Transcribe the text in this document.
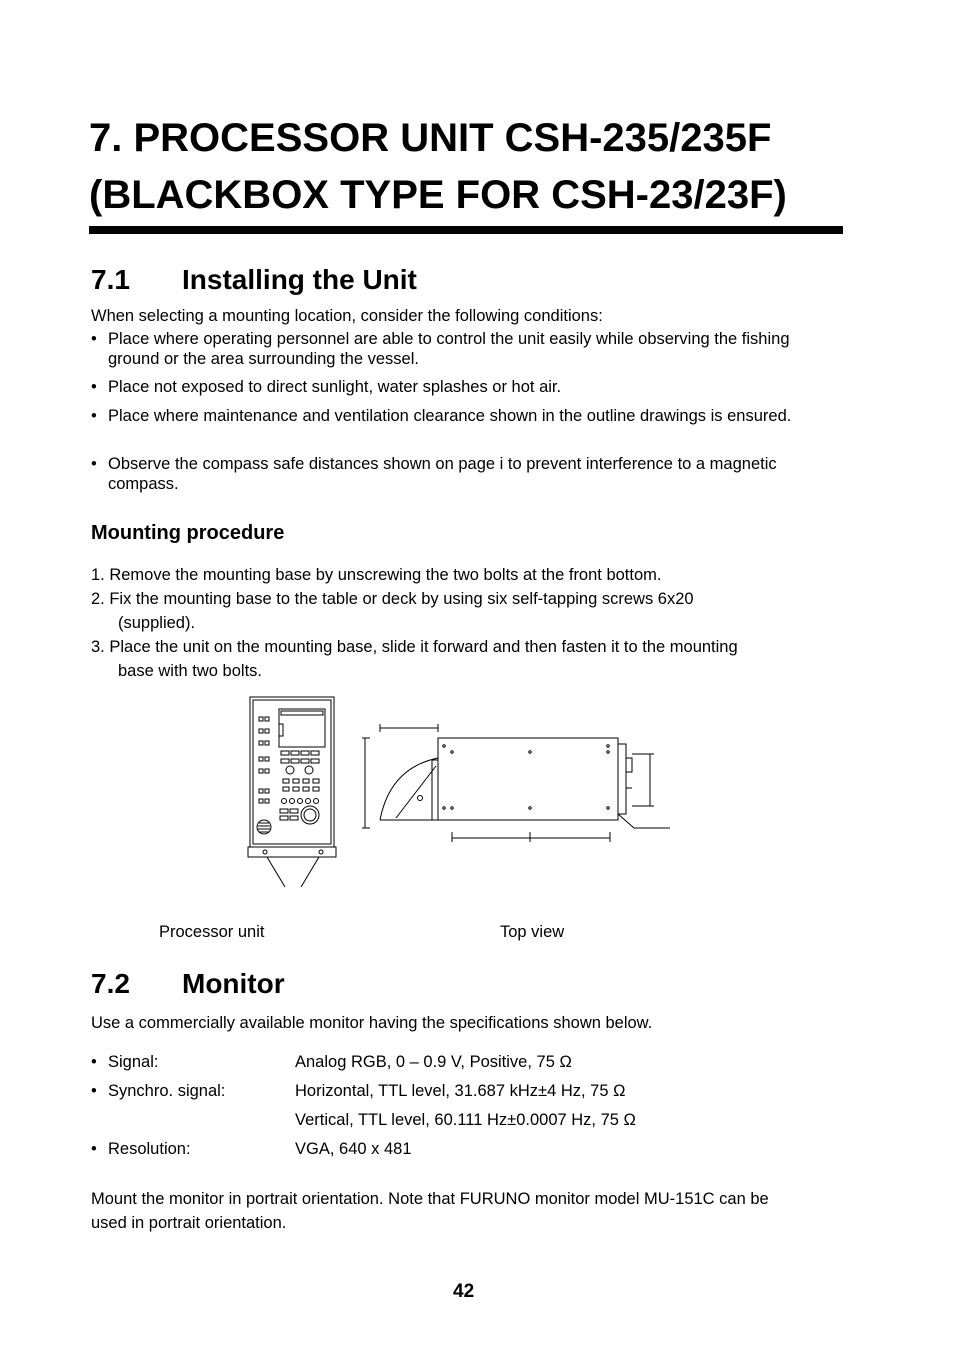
7. PROCESSOR UNIT CSH-235/235F
(BLACKBOX TYPE FOR CSH-23/23F)
7.1 Installing the Unit
When selecting a mounting location, consider the following conditions:
• Place where operating personnel are able to control the unit easily while observing the fishing ground or the area surrounding the vessel.
• Place not exposed to direct sunlight, water splashes or hot air.
• Place where maintenance and ventilation clearance shown in the outline drawings is ensured.
• Observe the compass safe distances shown on page i to prevent interference to a magnetic compass.
Mounting procedure
1. Remove the mounting base by unscrewing the two bolts at the front bottom.
2. Fix the mounting base to the table or deck by using six self-tapping screws 6x20
(supplied).
3. Place the unit on the mounting base, slide it forward and then fasten it to the mounting
base with two bolts.
Processor unit	Top view
7.2 Monitor
Use a commercially available monitor having the specifications shown below.
• Signal:	Analog RGB, 0 – 0.9 V, Positive, 75 Ω
• Synchro. signal:	Horizontal, TTL level, 31.687 kHz±4 Hz, 75 Ω
Vertical, TTL level, 60.111 Hz±0.0007 Hz, 75 Ω
• Resolution:	VGA, 640 x 481
Mount the monitor in portrait orientation. Note that FURUNO monitor model MU-151C can be
used in portrait orientation.
42
